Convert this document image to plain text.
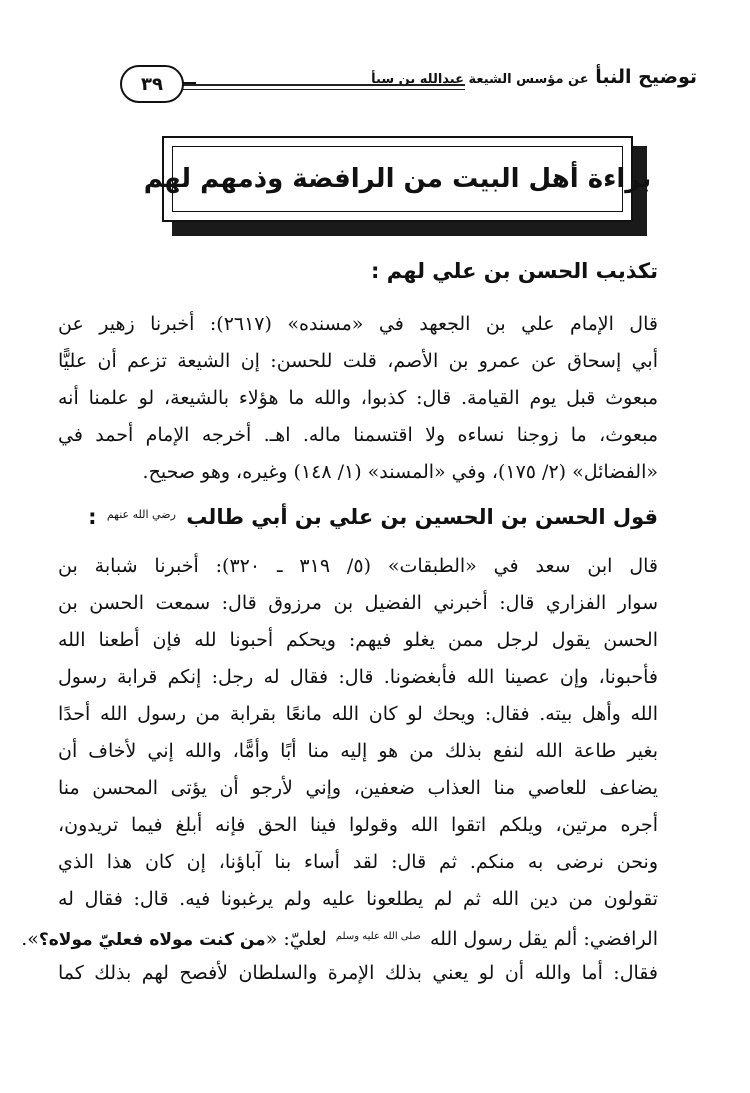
توضيح النبأ عن مؤسس الشيعة عبدالله بن سبأ
٣٩
براءة أهل البيت من الرافضة وذمهم لهم
تكذيب الحسن بن علي لهم :
قال الإمام علي بن الجعهد في «مسنده» (٢٦١٧): أخبرنا زهير عن
أبي إسحاق عن عمرو بن الأصم، قلت للحسن: إن الشيعة تزعم أن عليًّا
مبعوث قبل يوم القيامة. قال: كذبوا، والله ما هؤلاء بالشيعة، لو علمنا أنه
مبعوث، ما زوجنا نساءه ولا اقتسمنا ماله. اهـ. أخرجه الإمام أحمد في
«الفضائل» (٢/ ١٧٥)، وفي «المسند» (١/ ١٤٨) وغيره، وهو صحيح.
قول الحسن بن الحسين بن علي بن أبي طالب $^{رضي الله عنهم}$ :
قال ابن سعد في «الطبقات» (٥/ ٣١٩ ـ ٣٢٠): أخبرنا شبابة بن
سوار الفزاري قال: أخبرني الفضيل بن مرزوق قال: سمعت الحسن بن
الحسن يقول لرجل ممن يغلو فيهم: ويحكم أحبونا لله فإن أطعنا الله
فأحبونا، وإن عصينا الله فأبغضونا. قال: فقال له رجل: إنكم قرابة رسول
الله وأهل بيته. فقال: ويحك لو كان الله مانعًا بقرابة من رسول الله أحدًا
بغير طاعة الله لنفع بذلك من هو إليه منا أبًا وأمًّا، والله إني لأخاف أن
يضاعف للعاصي منا العذاب ضعفين، وإني لأرجو أن يؤتى المحسن منا
أجره مرتين، ويلكم اتقوا الله وقولوا فينا الحق فإنه أبلغ فيما تريدون،
ونحن نرضى به منكم. ثم قال: لقد أساء بنا آباؤنا، إن كان هذا الذي
تقولون من دين الله ثم لم يطلعونا عليه ولم يرغبونا فيه. قال: فقال له
الرافضي: ألم يقل رسول الله $^{صلى الله عليه وسلم}$ لعليّ: «من كنت مولاه فعليّ مولاه؟».
فقال: أما والله أن لو يعني بذلك الإمرة والسلطان لأفصح لهم بذلك كما
